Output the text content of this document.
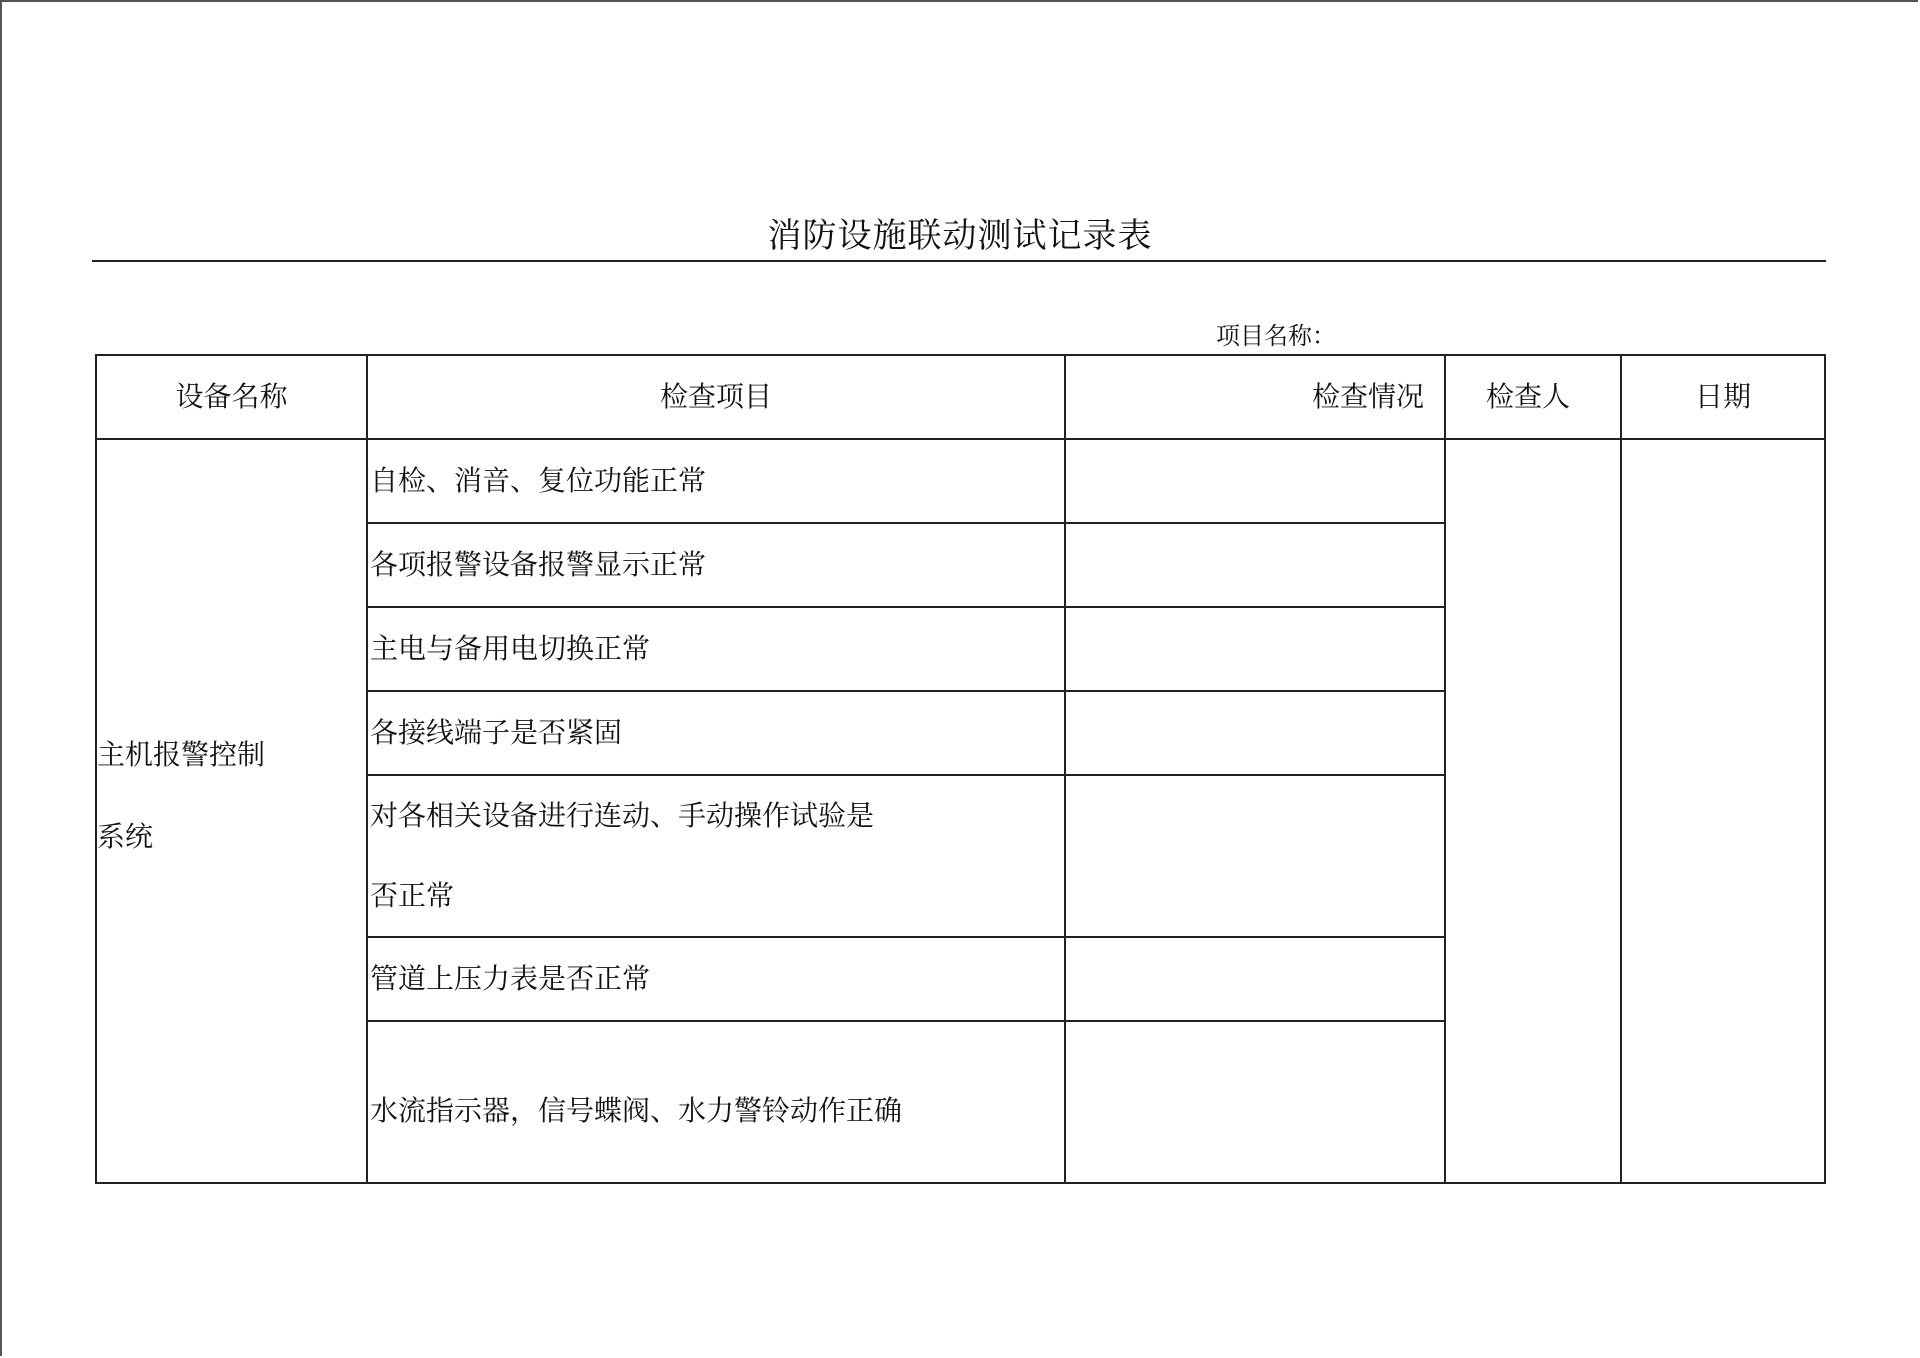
消防设施联动测试记录表
项目名称：
设备名称	检查项目	检查情况	检查人	日期

主机报警控制
系统	自检、消音、复位功能正常			
	各项报警设备报警显示正常			
	主电与备用电切换正常			
	各接线端子是否紧固			

	对各相关设备进行连动、手动操作试验是
否正常			

	管道上压力表是否正常			
	水流指示器，信号蝶阀、水力警铃动作正确			
